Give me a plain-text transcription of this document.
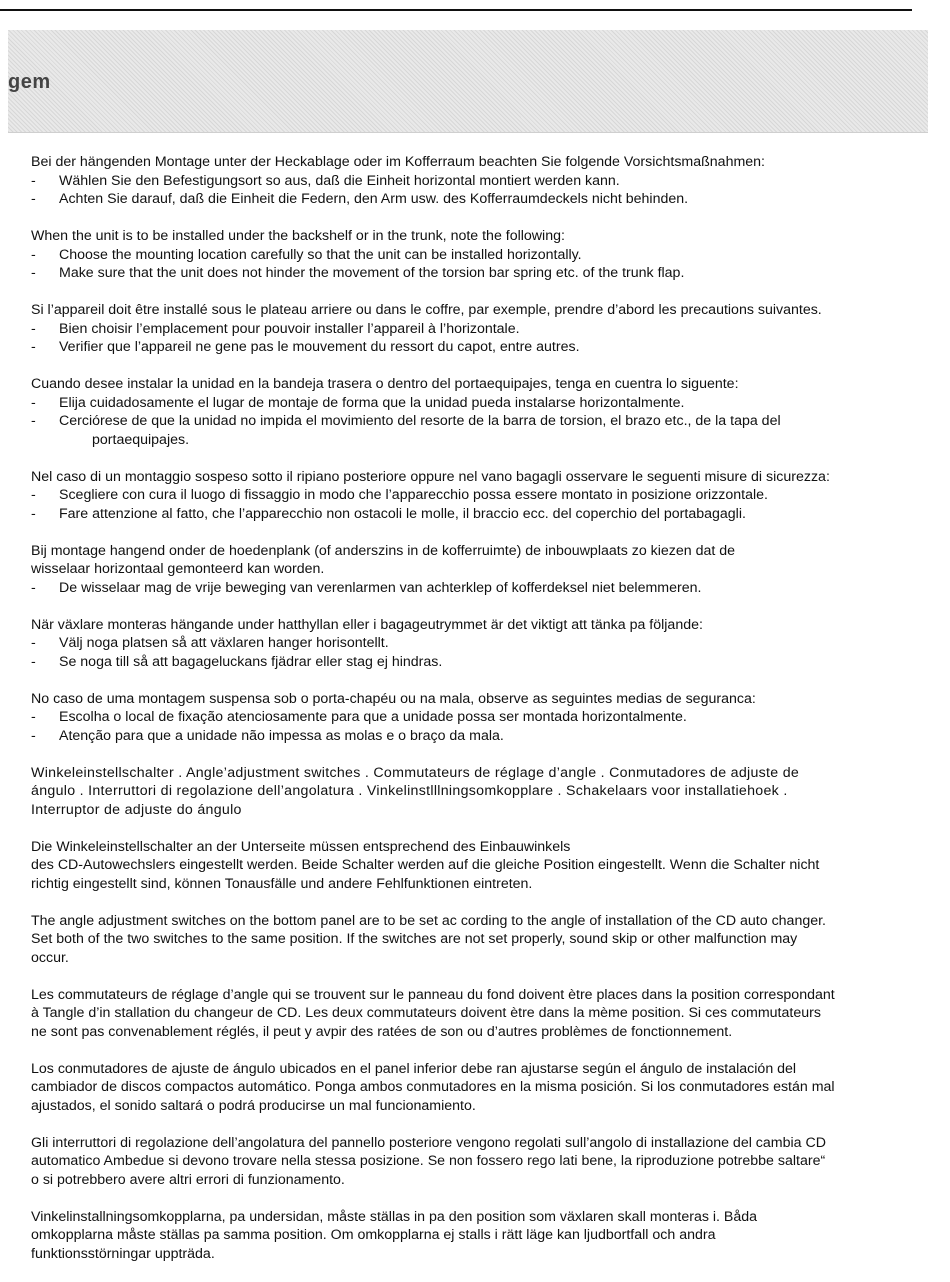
gem
Bei der hängenden Montage unter der Heckablage oder im Kofferraum beachten Sie folgende Vorsichtsmaßnahmen:
- Wählen Sie den Befestigungsort so aus, daß die Einheit horizontal montiert werden kann.
- Achten Sie darauf, daß die Einheit die Federn, den Arm usw. des Kofferraumdeckels nicht behinden.
When the unit is to be installed under the backshelf or in the trunk, note the following:
- Choose the mounting location carefully so that the unit can be installed horizontally.
- Make sure that the unit does not hinder the movement of the torsion bar spring etc. of the trunk flap.
Si l’appareil doit être installé sous le plateau arriere ou dans le coffre, par exemple, prendre d’abord les precautions suivantes.
- Bien choisir l’emplacement pour pouvoir installer l’appareil à l’horizontale.
- Verifier que l’appareil ne gene pas le mouvement du ressort du capot, entre autres.
Cuando desee instalar la unidad en la bandeja trasera o dentro del portaequipajes, tenga en cuentra lo siguente:
- Elija cuidadosamente el lugar de montaje de forma que la unidad pueda instalarse horizontalmente.
- Cerciórese de que la unidad no impida el movimiento del resorte de la barra de torsion, el brazo etc., de la tapa del
portaequipajes.
Nel caso di un montaggio sospeso sotto il ripiano posteriore oppure nel vano bagagli osservare le seguenti misure di sicurezza:
- Scegliere con cura il luogo di fissaggio in modo che l’apparecchio possa essere montato in posizione orizzontale.
- Fare attenzione al fatto, che l’apparecchio non ostacoli le molle, il braccio ecc. del coperchio del portabagagli.
Bij montage hangend onder de hoedenplank (of anderszins in de kofferruimte) de inbouwplaats zo kiezen dat de
wisselaar horizontaal gemonteerd kan worden.
- De wisselaar mag de vrije beweging van verenlarmen van achterklep of kofferdeksel niet belemmeren.
När växlare monteras hängande under hatthyllan eller i bagageutrymmet är det viktigt att tänka pa följande:
- Välj noga platsen så att växlaren hanger horisontellt.
- Se noga till så att bagageluckans fjädrar eller stag ej hindras.
No caso de uma montagem suspensa sob o porta-chapéu ou na mala, observe as seguintes medias de seguranca:
- Escolha o local de fixação atenciosamente para que a unidade possa ser montada horizontalmente.
- Atenção para que a unidade não impessa as molas e o braço da mala.
Winkeleinstellschalter . Angle’adjustment switches . Commutateurs de réglage d’angle . Conmutadores de adjuste de
ángulo . Interruttori di regolazione dell’angolatura . Vinkelinstlllningsomkopplare . Schakelaars voor installatiehoek .
Interruptor de adjuste do ángulo
Die Winkeleinstellschalter an der Unterseite müssen entsprechend des Einbauwinkels
des CD-Autowechslers eingestellt werden. Beide Schalter werden auf die gleiche Position eingestellt. Wenn die Schalter nicht
richtig eingestellt sind, können Tonausfälle und andere Fehlfunktionen eintreten.
The angle adjustment switches on the bottom panel are to be set ac cording to the angle of installation of the CD auto changer.
Set both of the two switches to the same position. If the switches are not set properly, sound skip or other malfunction may
occur.
Les commutateurs de réglage d’angle qui se trouvent sur le panneau du fond doivent ètre places dans la position correspondant
à Tangle d’in stallation du changeur de CD. Les deux commutateurs doivent ètre dans la mème position. Si ces commutateurs
ne sont pas convenablement réglés, il peut y avpir des ratées de son ou d’autres problèmes de fonctionnement.
Los conmutadores de ajuste de ángulo ubicados en el panel inferior debe ran ajustarse según el ángulo de instalación del
cambiador de discos compactos automático. Ponga ambos conmutadores en la misma posición. Si los conmutadores están mal
ajustados, el sonido saltará o podrá producirse un mal funcionamiento.
Gli interruttori di regolazione dell’angolatura del pannello posteriore vengono regolati sull’angolo di installazione del cambia CD
automatico Ambedue si devono trovare nella stessa posizione. Se non fossero rego lati bene, la riproduzione potrebbe saltare“
o si potrebbero avere altri errori di funzionamento.
Vinkelinstallningsomkopplarna, pa undersidan, måste ställas in pa den position som växlaren skall monteras i. Båda
omkopplarna måste ställas pa samma position. Om omkopplarna ej stalls i rätt läge kan ljudbortfall och andra
funktionsstörningar uppträda.
